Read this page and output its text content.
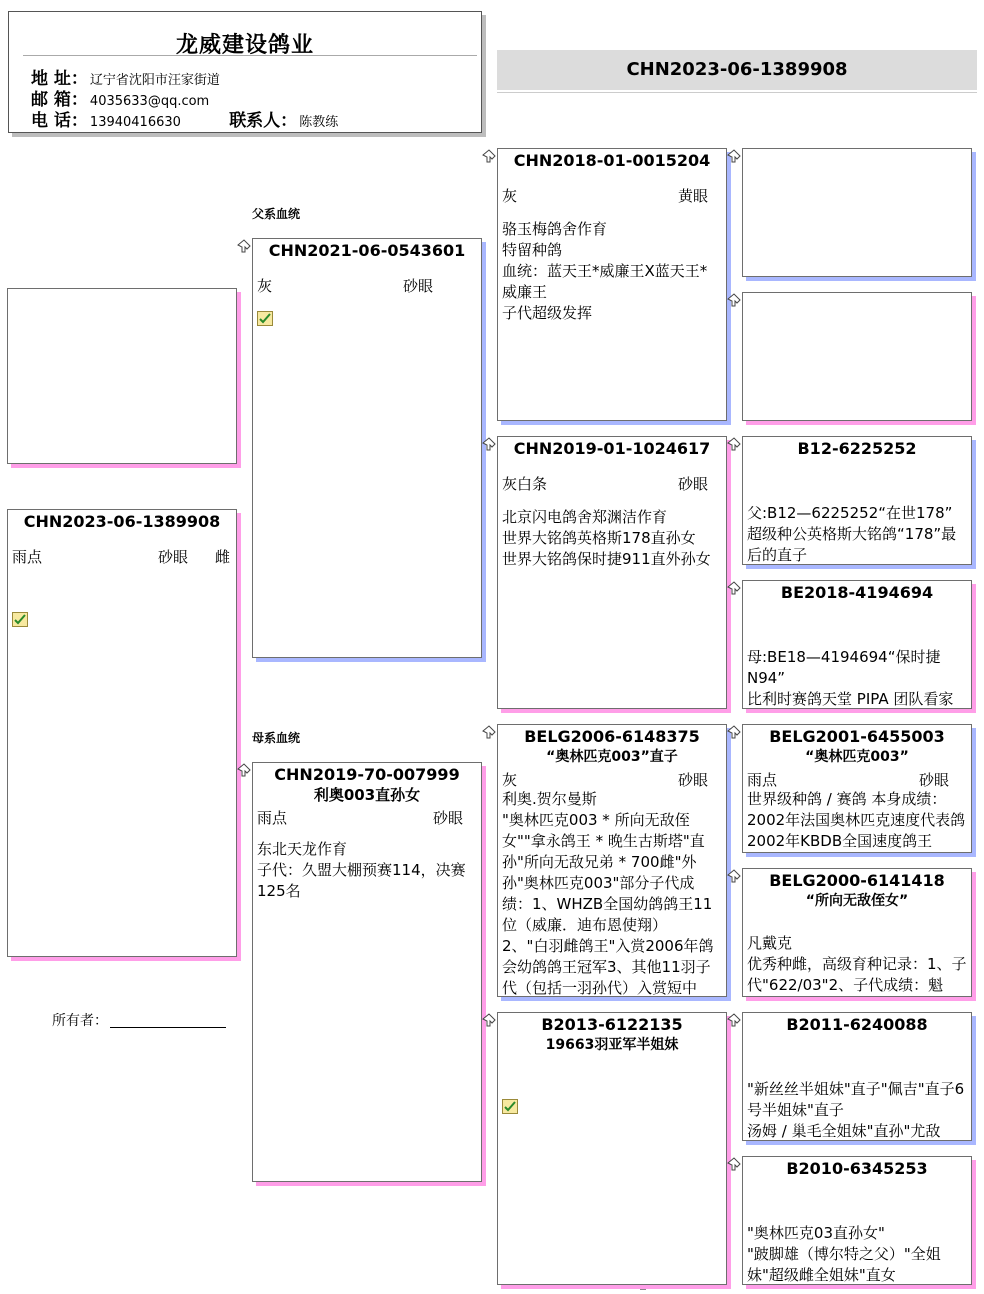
龙威建设鸽业
地 址： 辽宁省沈阳市汪家街道
邮 箱： 4035633@qq.com
电 话： 13940416630	联系人： 陈教练
CHN2023-06-1389908
父系血统
母系血统
CHN2023-06-1389908
雨点	砂眼 雌
所有者：
CHN2021-06-0543601
灰	砂眼
CHN2019-70-007999
利奥003直孙女
雨点	砂眼
东北天龙作育
子代：久盟大棚预赛114，决赛125名
CHN2018-01-0015204
灰	黄眼
骆玉梅鸽舍作育
特留种鸽
血统：蓝天王*威廉王X蓝天王*威廉王
子代超级发挥
CHN2019-01-1024617
灰白条	砂眼
北京闪电鸽舍郑渊洁作育
世界大铭鸽英格斯178直孙女
世界大铭鸽保时捷911直外孙女
BELG2006-6148375
“奥林匹克003”直子
灰	砂眼
利奥.贺尔曼斯
"奥林匹克003 * 所向无敌侄女""拿永鸽王 * 晚生古斯塔"直孙"所向无敌兄弟 * 700雌"外孙"奥林匹克003"部分子代成绩：1、WHZB全国幼鸽鸽王11位（威廉．迪布恩使翔）
2、"白羽雌鸽王"入赏2006年鸽会幼鸽鸽王冠军3、其他11羽子代（包括一羽孙代）入赏短中
B2013-6122135
19663羽亚军半姐妹
B12-6225252
父:B12—6225252“在世178”
超级种公英格斯大铭鸽“178”最后的直子
BE2018-4194694
母:BE18—4194694“保时捷N94”
比利时赛鸽天堂 PIPA 团队看家
BELG2001-6455003
“奥林匹克003”
雨点	砂眼
世界级种鸽 / 赛鸽 本身成绩：2002年法国奥林匹克速度代表鸽2002年KBDB全国速度鸽王
BELG2000-6141418
“所向无敌侄女”
凡戴克
优秀种雌，高级育种记录：1、子代"622/03"2、子代成绩：魁
B2011-6240088
"新丝丝半姐妹"直子"佩吉"直子6号半姐妹"直子
汤姆 / 巢毛全姐妹"直孙"尤敌
B2010-6345253
"奥林匹克03直孙女"
"跛脚雄（博尔特之父）"全姐妹"超级雌全姐妹"直女
